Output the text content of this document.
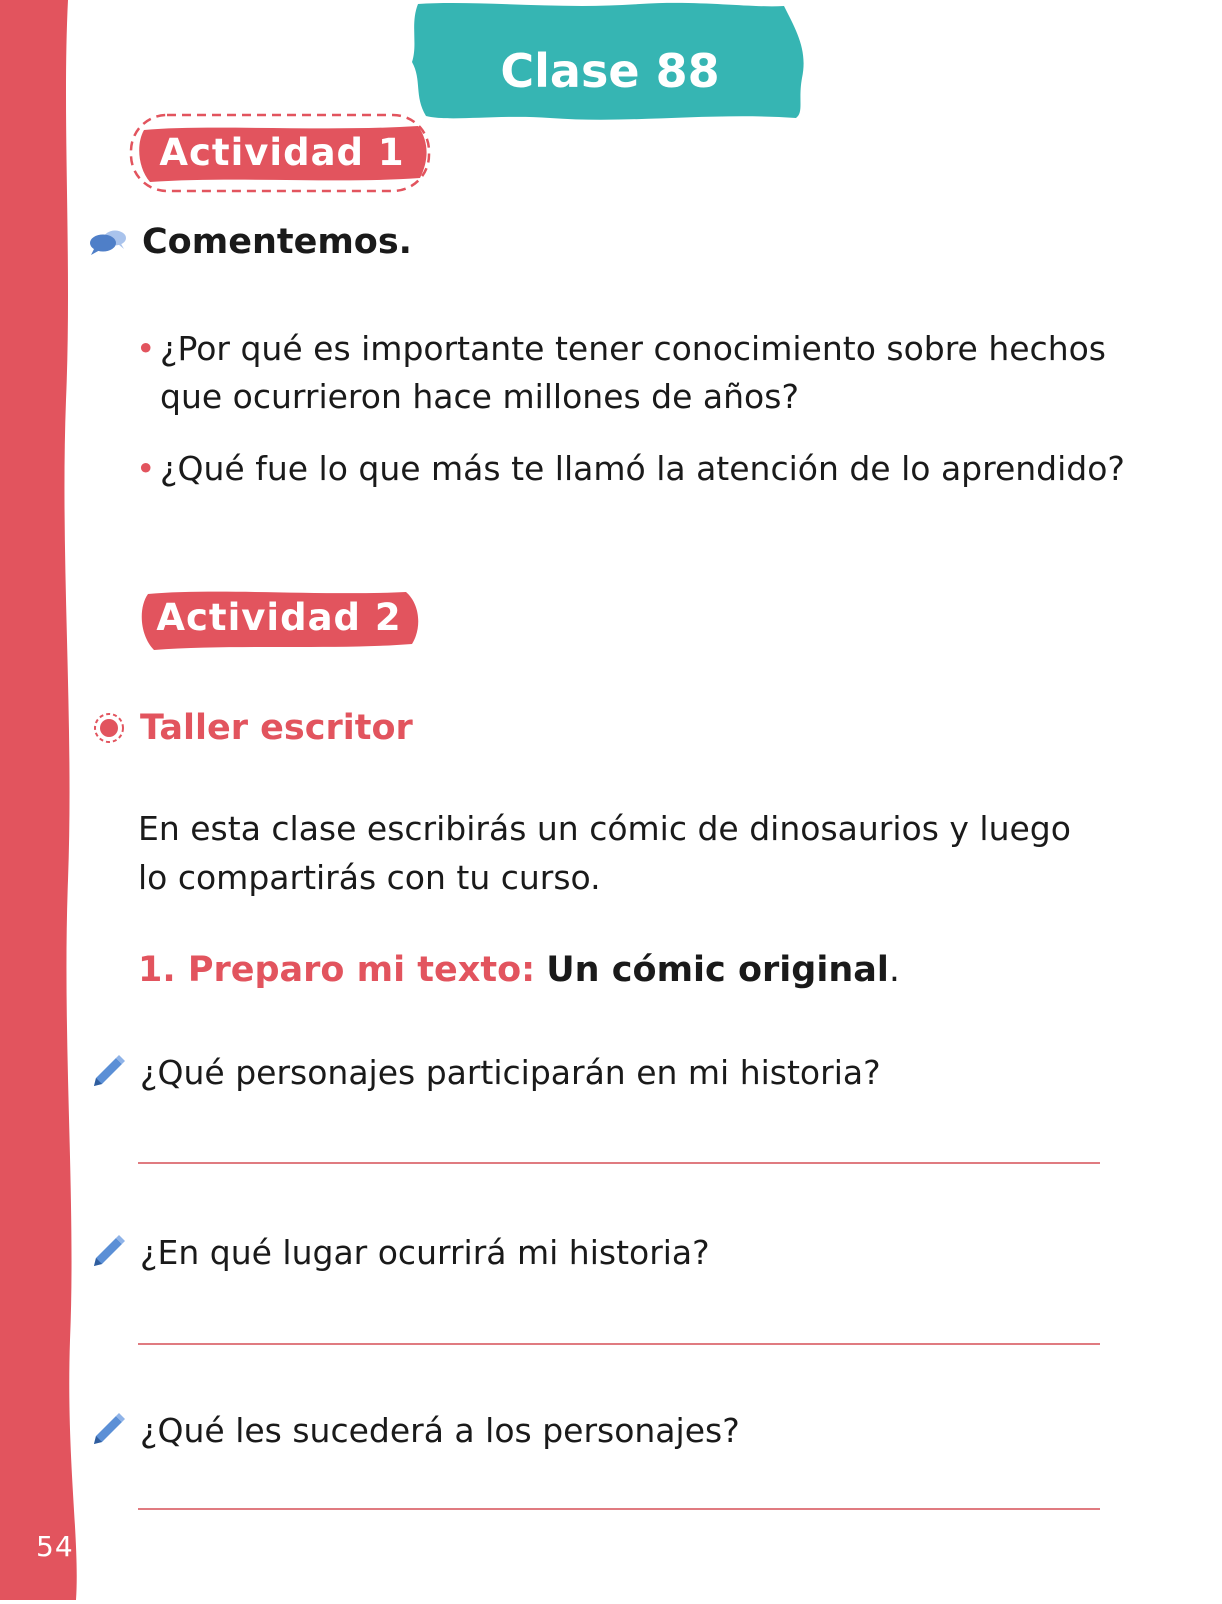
54
Clase 88
Actividad 1
Comentemos.
• ¿Por qué es importante tener conocimiento sobre hechos que ocurrieron hace millones de años?
• ¿Qué fue lo que más te llamó la atención de lo aprendido?
Actividad 2
Taller escritor
En esta clase escribirás un cómic de dinosaurios y luego lo compartirás con tu curso.
1. Preparo mi texto: Un cómic original.
¿Qué personajes participarán en mi historia?
¿En qué lugar ocurrirá mi historia?
¿Qué les sucederá a los personajes?
